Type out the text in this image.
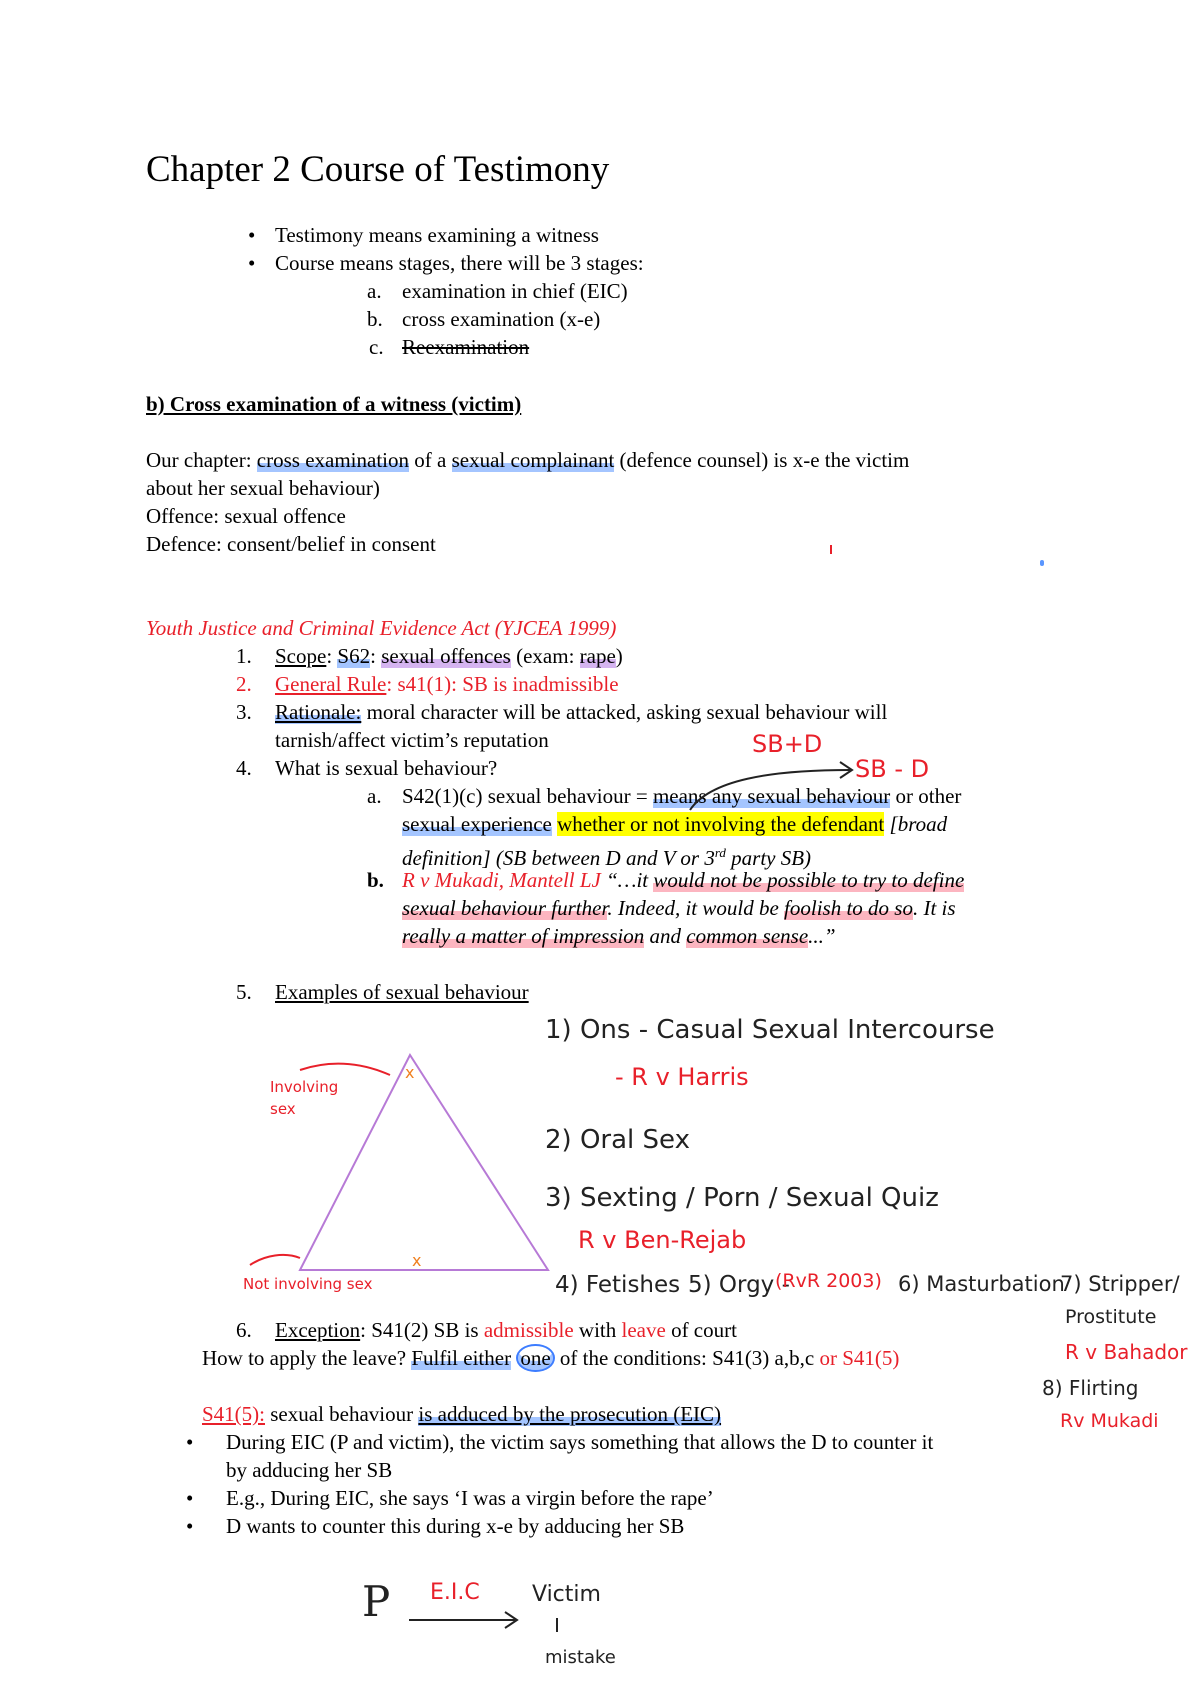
Chapter 2 Course of Testimony
• Testimony means examining a witness
• Course means stages, there will be 3 stages:
a. examination in chief (EIC)
b. cross examination (x-e)
c. Reexamination
b) Cross examination of a witness (victim)
Our chapter: cross examination of a sexual complainant (defence counsel) is x-e the victim
about her sexual behaviour)
Offence: sexual offence
Defence: consent/belief in consent
Youth Justice and Criminal Evidence Act (YJCEA 1999)
1. Scope: S62: sexual offences (exam: rape)
2. General Rule: s41(1): SB is inadmissible
3. Rationale: moral character will be attacked, asking sexual behaviour will
tarnish/affect victim’s reputation
4. What is sexual behaviour?
a. S42(1)(c) sexual behaviour = means any sexual behaviour or other
sexual experience whether or not involving the defendant [broad
definition] (SB between D and V or 3rd party SB)
b. R v Mukadi, Mantell LJ “…it would not be possible to try to define
sexual behaviour further. Indeed, it would be foolish to do so. It is
really a matter of impression and common sense...”
5. Examples of sexual behaviour
6. Exception: S41(2) SB is admissible with leave of court
How to apply the leave? Fulfil either one of the conditions: S41(3) a,b,c or S41(5)
S41(5): sexual behaviour is adduced by the prosecution (EIC)
• During EIC (P and victim), the victim says something that allows the D to counter it
by adducing her SB
• E.g., During EIC, she says ‘I was a virgin before the rape’
• D wants to counter this during x-e by adducing her SB
SB+D
SB - D
x
x
Involving
sex
Not involving sex
1) Ons - Casual Sexual Intercourse
- R v Harris
2) Oral Sex
3) Sexting / Porn / Sexual Quiz
R v Ben-Rejab
4) Fetishes 5) Orgy -
(RvR 2003) 6) Masturbation
7) Stripper/
Prostitute
R v Bahador
8) Flirting
Rv Mukadi
P E.I.C Victim
mistake
